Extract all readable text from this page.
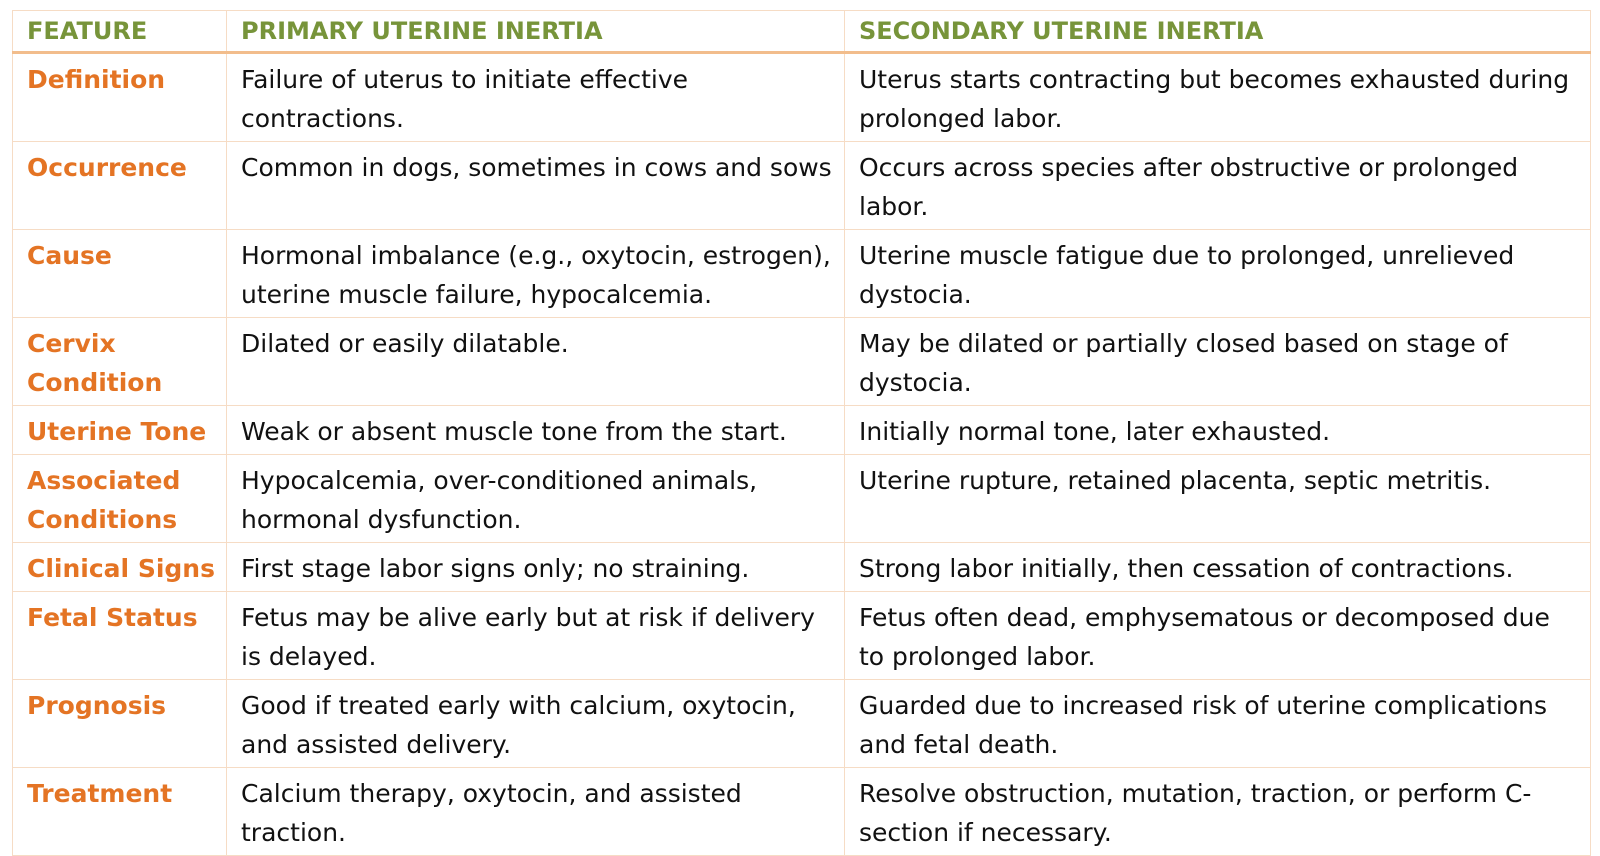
FEATURE	PRIMARY UTERINE INERTIA	SECONDARY UTERINE INERTIA
Definition	Failure of uterus to initiate effective contractions.	Uterus starts contracting but becomes exhausted during prolonged labor.
Occurrence	Common in dogs, sometimes in cows and sows	Occurs across species after obstructive or prolonged labor.
Cause	Hormonal imbalance (e.g., oxytocin, estrogen), uterine muscle failure, hypocalcemia.	Uterine muscle fatigue due to prolonged, unrelieved dystocia.
Cervix Condition	Dilated or easily dilatable.	May be dilated or partially closed based on stage of dystocia.
Uterine Tone	Weak or absent muscle tone from the start.	Initially normal tone, later exhausted.
Associated Conditions	Hypocalcemia, over-conditioned animals, hormonal dysfunction.	Uterine rupture, retained placenta, septic metritis.
Clinical Signs	First stage labor signs only; no straining.	Strong labor initially, then cessation of contractions.
Fetal Status	Fetus may be alive early but at risk if delivery is delayed.	Fetus often dead, emphysematous or decomposed due to prolonged labor.
Prognosis	Good if treated early with calcium, oxytocin, and assisted delivery.	Guarded due to increased risk of uterine complications and fetal death.
Treatment	Calcium therapy, oxytocin, and assisted traction.	Resolve obstruction, mutation, traction, or perform C-section if necessary.
